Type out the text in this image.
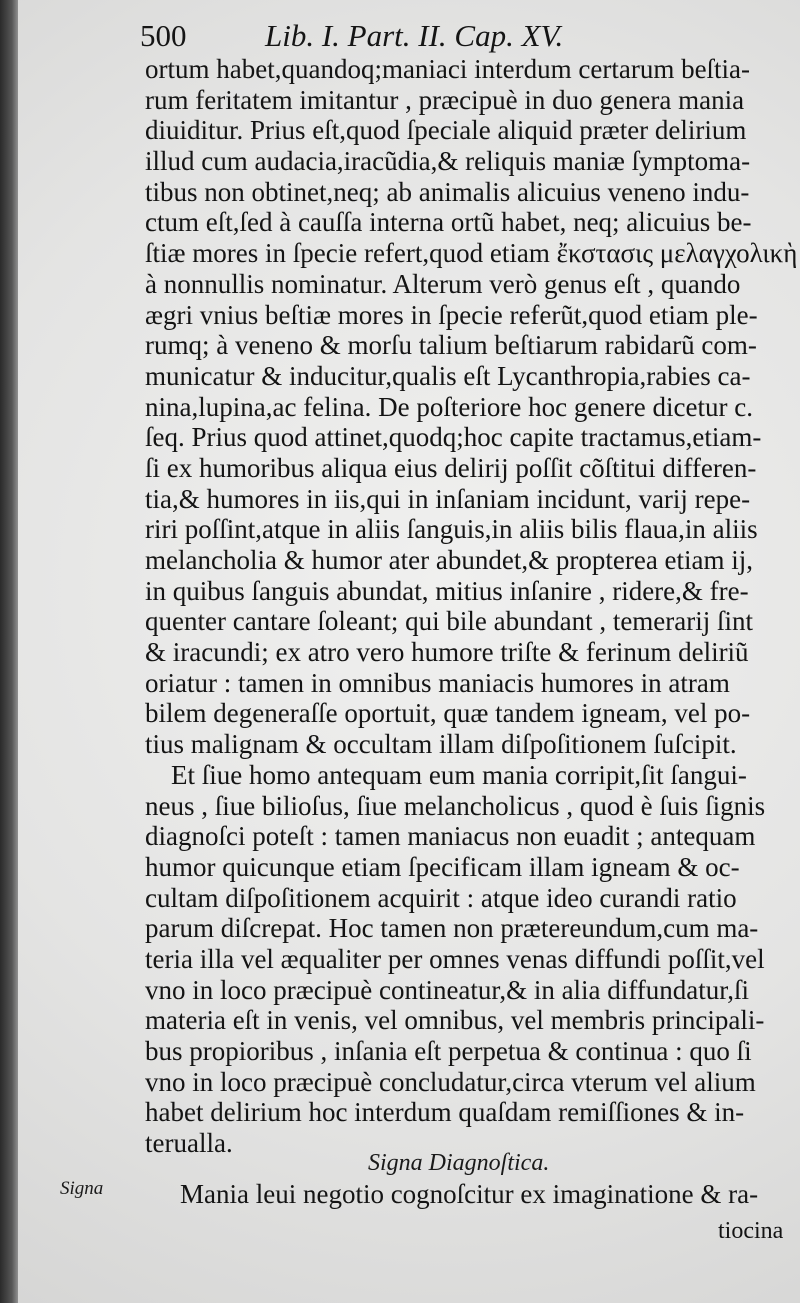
500	Lib. I. Part. II. Cap. XV.
ortum habet,quandoq;maniaci interdum certarum beſtia-
rum feritatem imitantur , præcipuè in duo genera mania
diuiditur. Prius eſt,quod ſpeciale aliquid præter delirium
illud cum audacia,iracũdia,& reliquis maniæ ſymptoma-
tibus non obtinet,neq; ab animalis alicuius veneno indu-
ctum eſt,ſed à cauſſa interna ortũ habet, neq; alicuius be-
ſtiæ mores in ſpecie refert,quod etiam ἔκστασις μελαγχολικὴ
à nonnullis nominatur. Alterum verò genus eſt , quando
ægri vnius beſtiæ mores in ſpecie referũt,quod etiam ple-
rumq; à veneno & morſu talium beſtiarum rabidarũ com-
municatur & inducitur,qualis eſt Lycanthropia,rabies ca-
nina,lupina,ac felina. De poſteriore hoc genere dicetur c.
ſeq. Prius quod attinet,quodq;hoc capite tractamus,etiam-
ſi ex humoribus aliqua eius delirij poſſit cõſtitui differen-
tia,& humores in iis,qui in inſaniam incidunt, varij repe-
riri poſſint,atque in aliis ſanguis,in aliis bilis flaua,in aliis
melancholia & humor ater abundet,& propterea etiam ij,
in quibus ſanguis abundat, mitius inſanire , ridere,& fre-
quenter cantare ſoleant; qui bile abundant , temerarij ſint
& iracundi; ex atro vero humore triſte & ferinum deliriũ
oriatur : tamen in omnibus maniacis humores in atram
bilem degeneraſſe oportuit, quæ tandem igneam, vel po-
tius malignam & occultam illam diſpoſitionem ſuſcipit.
Et ſiue homo antequam eum mania corripit,ſit ſangui-
neus , ſiue bilioſus, ſiue melancholicus , quod è ſuis ſignis
diagnoſci poteſt : tamen maniacus non euadit ; antequam
humor quicunque etiam ſpecificam illam igneam & oc-
cultam diſpoſitionem acquirit : atque ideo curandi ratio
parum diſcrepat. Hoc tamen non prætereundum,cum ma-
teria illa vel æqualiter per omnes venas diffundi poſſit,vel
vno in loco præcipuè contineatur,& in alia diffundatur,ſi
materia eſt in venis, vel omnibus, vel membris principali-
bus propioribus , inſania eſt perpetua & continua : quo ſi
vno in loco præcipuè concludatur,circa vterum vel alium
habet delirium hoc interdum quaſdam remiſſiones & in-
terualla.
Signa Diagnoſtica.
Signa	Mania leui negotio cognoſcitur ex imaginatione & ra-
tiocina
